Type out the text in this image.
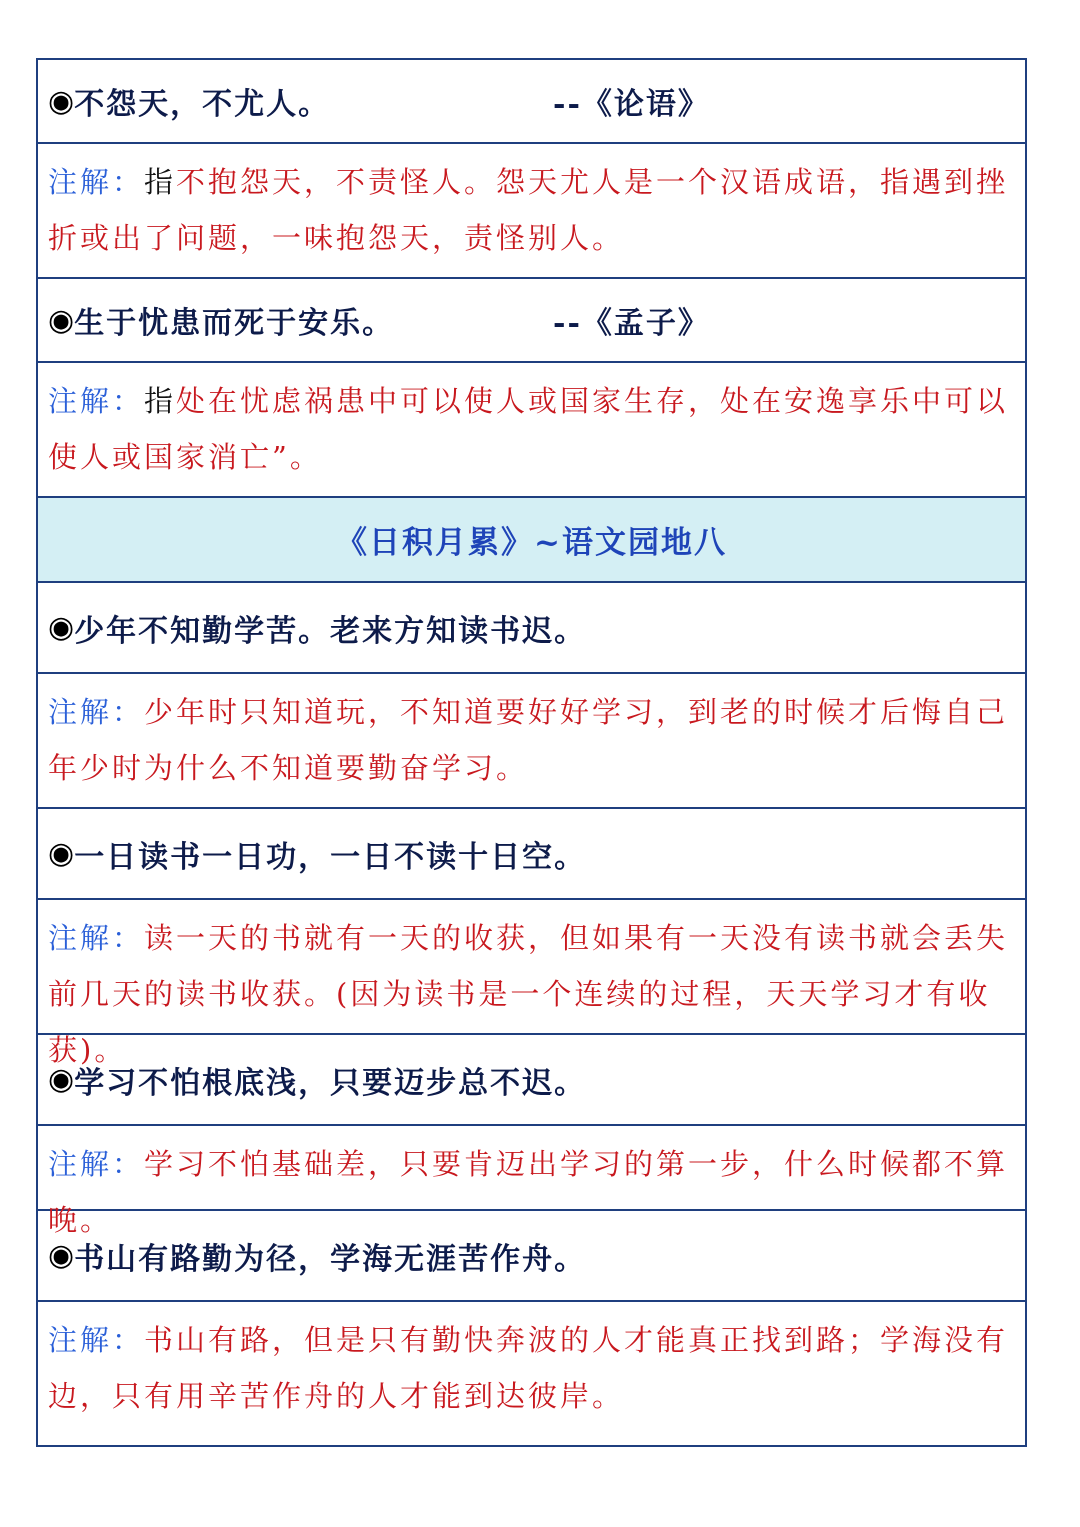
◉ 不怨天，不尤人。	--《论语》
注解：指不抱怨天，不责怪人。怨天尤人是一个汉语成语，指遇到挫折或出了问题，一味抱怨天，责怪别人。
◉ 生于忧患而死于安乐。	--《孟子》
注解：指处在忧虑祸患中可以使人或国家生存，处在安逸享乐中可以使人或国家消亡”。
《日积月累》~语文园地八
◉ 少年不知勤学苦。老来方知读书迟。
注解：少年时只知道玩，不知道要好好学习，到老的时候才后悔自己年少时为什么不知道要勤奋学习。
◉ 一日读书一日功，一日不读十日空。
注解：读一天的书就有一天的收获，但如果有一天没有读书就会丢失前几天的读书收获。(因为读书是一个连续的过程，天天学习才有收获)。
◉ 学习不怕根底浅，只要迈步总不迟。
注解：学习不怕基础差，只要肯迈出学习的第一步，什么时候都不算晚。
◉ 书山有路勤为径，学海无涯苦作舟。
注解：书山有路，但是只有勤快奔波的人才能真正找到路；学海没有边，只有用辛苦作舟的人才能到达彼岸。
